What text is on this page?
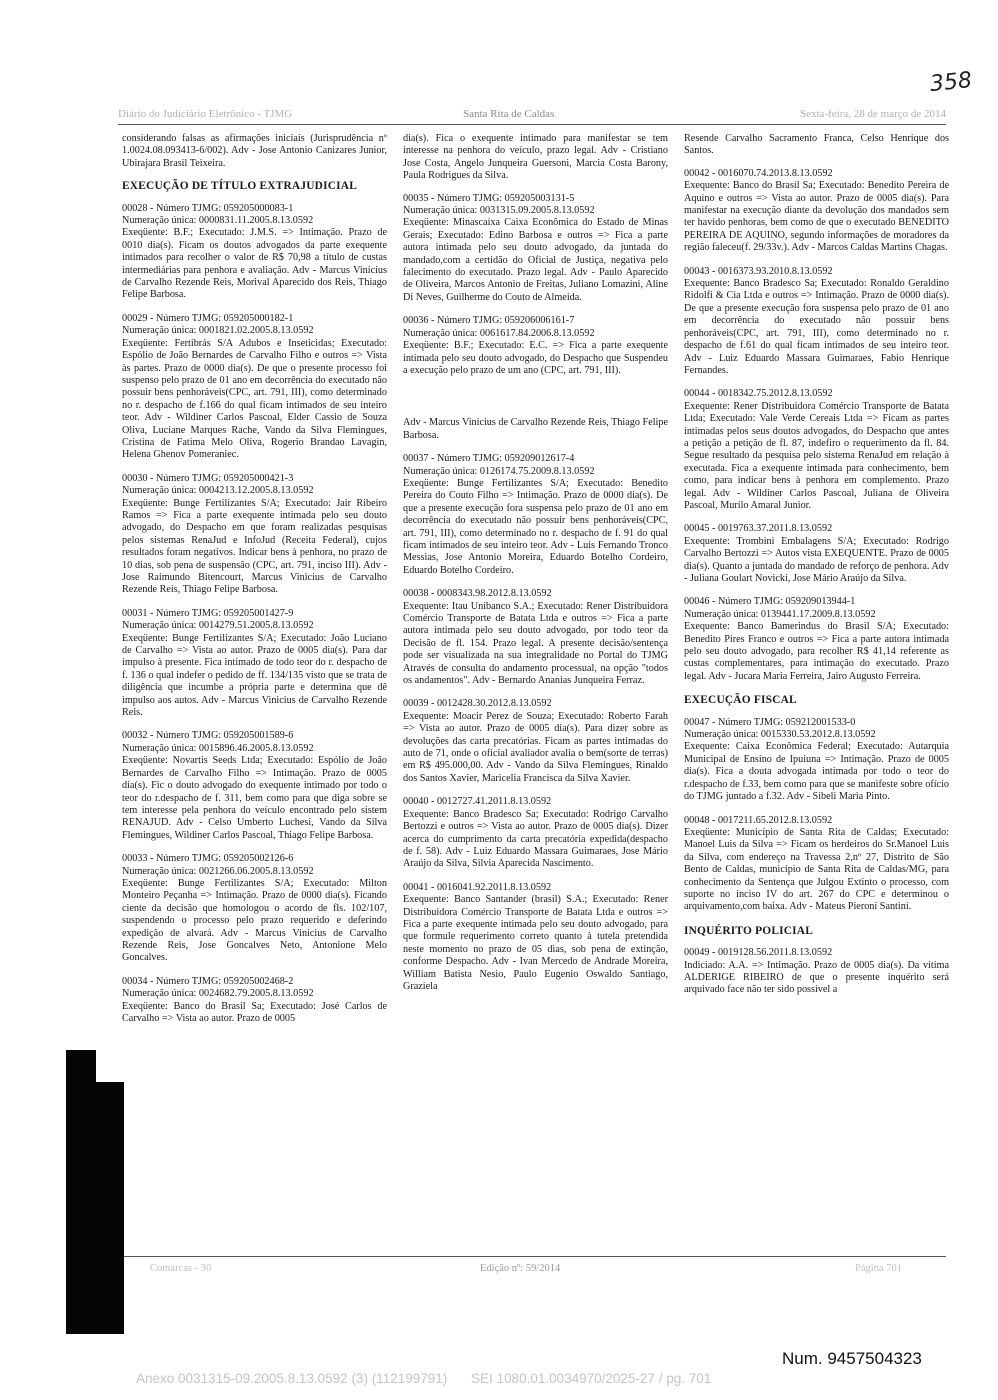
358
Diário do Judiciário Eletrônico - TJMG	Santa Rita de Caldas	Sexta-feira, 28 de março de 2014

considerando falsas as afirmações iniciais (Jurisprudência nº 1.0024.08.093413-6/002). Adv - Jose Antonio Canizares Junior, Ubirajara Brasil Teixeira.

EXECUÇÃO DE TÍTULO EXTRAJUDICIAL
00028 - Número TJMG: 059205000083-1
Numeração única: 0000831.11.2005.8.13.0592
Exeqüente: B.F.; Executado: J.M.S. => Intimação. Prazo de 0010 dia(s). Ficam os doutos advogados da parte exequente intimados para recolher o valor de R$ 70,98 a título de custas intermediárias para penhora e avaliação. Adv - Marcus Vinicius de Carvalho Rezende Reis, Morival Aparecido dos Reis, Thiago Felipe Barbosa.
00029 - Número TJMG: 059205000182-1
Numeração única: 0001821.02.2005.8.13.0592
Exeqüente: Fertibrás S/A Adubos e Inseticidas; Executado: Espólio de João Bernardes de Carvalho Filho e outros => Vista às partes. Prazo de 0000 dia(s). De que o presente processo foi suspenso pelo prazo de 01 ano em decorrência do executado não possuir bens penhoráveis(CPC, art. 791, III), como determinado no r. despacho de f.166 do qual ficam intimados de seu inteiro teor. Adv - Wildiner Carlos Pascoal, Elder Cassio de Souza Oliva, Luciane Marques Rache, Vando da Silva Flemingues, Cristina de Fatima Melo Oliva, Rogerio Brandao Lavagin, Helena Ghenov Pomeraniec.
00030 - Número TJMG: 059205000421-3
Numeração única: 0004213.12.2005.8.13.0592
Exeqüente: Bunge Fertilizantes S/A; Executado: Jair Ribeiro Ramos => Fica a parte exequente intimada pelo seu douto advogado, do Despacho em que foram realizadas pesquisas pelos sistemas RenaJud e InfoJud (Receita Federal), cujos resultados foram negativos. Indicar bens à penhora, no prazo de 10 dias, sob pena de suspensão (CPC, art. 791, inciso III). Adv - Jose Raimundo Bitencourt, Marcus Vinicius de Carvalho Rezende Reis, Thiago Felipe Barbosa.
00031 - Número TJMG: 059205001427-9
Numeração única: 0014279.51.2005.8.13.0592
Exeqüente: Bunge Fertilizantes S/A; Executado: João Luciano de Carvalho => Vista ao autor. Prazo de 0005 dia(s). Para dar impulso à presente. Fica intimado de todo teor do r. despacho de f. 136 o qual indefer o pedido de ff. 134/135 visto que se trata de diligência que incumbe a própria parte e determina que dê impulso aos autos. Adv - Marcus Vinicius de Carvalho Rezende Reis.
00032 - Número TJMG: 059205001589-6
Numeração única: 0015896.46.2005.8.13.0592
Exeqüente: Novartis Seeds Ltda; Executado: Espólio de João Bernardes de Carvalho Filho => Intimação. Prazo de 0005 dia(s). Fic o douto advogado do exequente intimado por todo o teor do r.despacho de f. 311, bem como para que diga sobre se tem interesse pela penhora do veículo encontrado pelo sistem RENAJUD. Adv - Celso Umberto Luchesi, Vando da Silva Flemingues, Wildiner Carlos Pascoal, Thiago Felipe Barbosa.
00033 - Número TJMG: 059205002126-6
Numeração única: 0021266.06.2005.8.13.0592
Exeqüente: Bunge Fertilizantes S/A; Executado: Milton Monteiro Peçanha => Intimação. Prazo de 0000 dia(s). Ficando ciente da decisão que homologou o acordo de fls. 102/107, suspendendo o processo pelo prazo requerido e deferindo expedição de alvará. Adv - Marcus Vinicius de Carvalho Rezende Reis, Jose Goncalves Neto, Antonione Melo Goncalves.
00034 - Número TJMG: 059205002468-2
Numeração única: 0024682.79.2005.8.13.0592
Exeqüente: Banco do Brasil Sa; Executado: José Carlos de Carvalho => Vista ao autor. Prazo de 0005

dia(s). Fica o exequente intimado para manifestar se tem interesse na penhora do veículo, prazo legal. Adv - Cristiano Jose Costa, Angelo Junqueira Guersoni, Marcia Costa Barony, Paula Rodrigues da Silva.

00035 - Número TJMG: 059205003131-5
Numeração única: 0031315.09.2005.8.13.0592
Exeqüente: Minascaixa Caixa Econômica do Estado de Minas Gerais; Executado: Edino Barbosa e outros => Fica a parte autora intimada pelo seu douto advogado, da juntada do mandado,com a certidão do Oficial de Justiça, negativa pelo falecimento do executado. Prazo legal. Adv - Paulo Aparecido de Oliveira, Marcos Antonio de Freitas, Juliano Lomazini, Aline Di Neves, Guilherme do Couto de Almeida.
00036 - Número TJMG: 059206006161-7
Numeração única: 0061617.84.2006.8.13.0592
Exeqüente: B.F.; Executado: E.C. => Fica a parte exequente intimada pelo seu douto advogado, do Despacho que Suspendeu a execução pelo prazo de um ano (CPC, art. 791, III).
Adv - Marcus Vinicius de Carvalho Rezende Reis, Thiago Felipe Barbosa.
00037 - Número TJMG: 059209012617-4
Numeração única: 0126174.75.2009.8.13.0592
Exeqüente: Bunge Fertilizantes S/A; Executado: Benedito Pereira do Couto Filho => Intimação. Prazo de 0000 dia(s). De que a presente execução fora suspensa pelo prazo de 01 ano em decorrência do executado não possuir bens penhoráveis(CPC, art. 791, III), como determinado no r. despacho de f. 91 do qual ficam intimados de seu inteiro teor. Adv - Luis Fernando Tronco Messias, Jose Antonio Moreira, Eduardo Botelho Cordeiro, Eduardo Botelho Cordeiro.
00038 - 0008343.98.2012.8.13.0592
Exequente: Itau Unibanco S.A.; Executado: Rener Distribuidora Comércio Transporte de Batata Ltda e outros => Fica a parte autora intimada pelo seu douto advogado, por todo teor da Decisão de fl. 154. Prazo legal. A presente decisão/sentença pode ser visualizada na sua integralidade no Portal do TJMG Através de consulta do andamento processual, na opção "todos os andamentos". Adv - Bernardo Ananias Junqueira Ferraz.
00039 - 0012428.30.2012.8.13.0592
Exequente: Moacir Perez de Souza; Executado: Roberto Farah => Vista ao autor. Prazo de 0005 dia(s). Para dizer sobre as devoluções das carta precatórias. Ficam as partes intimadas do auto de 71, onde o oficial avaliador avalia o bem(sorte de terras) em R$ 495.000,00. Adv - Vando da Silva Flemingues, Rinaldo dos Santos Xavier, Maricelia Francisca da Silva Xavier.
00040 - 0012727.41.2011.8.13.0592
Exequente: Banco Bradesco Sa; Executado: Rodrigo Carvalho Bertozzi e outros => Vista ao autor. Prazo de 0005 dia(s). Dizer acerca do cumprimento da carta precatória expedida(despacho de f. 58). Adv - Luiz Eduardo Massara Guimaraes, Jose Mário Araújo da Silva, Silvia Aparecida Nascimento.
00041 - 0016041.92.2011.8.13.0592
Exequente: Banco Santander (brasil) S.A.; Executado: Rener Distribuidora Comércio Transporte de Batata Ltda e outros => Fica a parte exequente intimada pelo seu douto advogado, para que formule requerimento correto quanto à tutela pretendida neste momento no prazo de 05 dias, sob pena de extinção, conforme Despacho. Adv - Ivan Mercedo de Andrade Moreira, William Batista Nesio, Paulo Eugenio Oswaldo Santiago, Graziela

Resende Carvalho Sacramento Franca, Celso Henrique dos Santos.

00042 - 0016070.74.2013.8.13.0592
Exequente: Banco do Brasil Sa; Executado: Benedito Pereira de Aquino e outros => Vista ao autor. Prazo de 0005 dia(s). Para manifestar na execução diante da devolução dos mandados sem ter havido penhoras, bem como de que o executado BENEDITO PEREIRA DE AQUINO, segundo informações de moradores da região faleceu(f. 29/33v.). Adv - Marcos Caldas Martins Chagas.
00043 - 0016373.93.2010.8.13.0592
Exequente: Banco Bradesco Sa; Executado: Ronaldo Geraldino Ridolfi & Cia Ltda e outros => Intimação. Prazo de 0000 dia(s). De que a presente execução fora suspensa pelo prazo de 01 ano em decorrência do executado não possuir bens penhoráveis(CPC, art. 791, III), como determinado no r. despacho de f.61 do qual ficam intimados de seu inteiro teor. Adv - Luiz Eduardo Massara Guimaraes, Fabio Henrique Fernandes.
00044 - 0018342.75.2012.8.13.0592
Exequente: Rener Distribuidora Comércio Transporte de Batata Ltda; Executado: Vale Verde Cereais Ltda => Ficam as partes intimadas pelos seus doutos advogados, do Despacho que antes a petição a petição de fl. 87, indefiro o requerimento da fl. 84. Segue resultado da pesquisa pelo sistema RenaJud em relação à executada. Fica a exequente intimada para conhecimento, bem como, para indicar bens à penhora em complemento. Prazo legal. Adv - Wildiner Carlos Pascoal, Juliana de Oliveira Pascoal, Murilo Amaral Junior.
00045 - 0019763.37.2011.8.13.0592
Exequente: Trombini Embalagens S/A; Executado: Rodrigo Carvalho Bertozzi => Autos vista EXEQUENTE. Prazo de 0005 dia(s). Quanto a juntada do mandado de reforço de penhora. Adv - Juliana Goulart Novicki, Jose Mário Araújo da Silva.
00046 - Número TJMG: 059209013944-1
Numeração única: 0139441.17.2009.8.13.0592
Exequente: Banco Bamerindus do Brasil S/A; Executado: Benedito Pires Franco e outros => Fica a parte autora intimada pelo seu douto advogado, para recolher R$ 41,14 referente as custas complementares, para intimação do executado. Prazo legal. Adv - Jucara Maria Ferreira, Jairo Augusto Ferreira.
EXECUÇÃO FISCAL
00047 - Número TJMG: 059212001533-0
Numeração única: 0015330.53.2012.8.13.0592
Exequente: Caixa Econômica Federal; Executado: Autarquia Municipal de Ensino de Ipuiuna => Intimação. Prazo de 0005 dia(s). Fica a douta advogada intimada por todo o teor do r.despacho de f.33, bem como para que se manifeste sobre ofício do TJMG juntado a f.32. Adv - Sibeli Maria Pinto.
00048 - 0017211.65.2012.8.13.0592
Exeqüente: Município de Santa Rita de Caldas; Executado: Manoel Luis da Silva => Ficam os herdeiros do Sr.Manoel Luis da Silva, com endereço na Travessa 2,nº 27, Distrito de São Bento de Caldas, município de Santa Rita de Caldas/MG, para conhecimento da Sentença que Julgou Extinto o processo, com suporte no inciso IV do art. 267 do CPC e determinou o arquivamento,com baixa. Adv - Mateus Pieroni Santini.
INQUÉRITO POLICIAL
00049 - 0019128.56.2011.8.13.0592
Indiciado: A.A. => Intimação. Prazo de 0005 dia(s). Da vítima ALDERIGE RIBEIRO de que o presente inquérito será arquivado face não ter sido possível a
Comarcas - 30	Edição nº: 59/2014	Página 701
Num. 9457504323
Anexo 0031315-09.2005.8.13.0592 (3) (112199791) SEI 1080.01.0034970/2025-27 / pg. 701
